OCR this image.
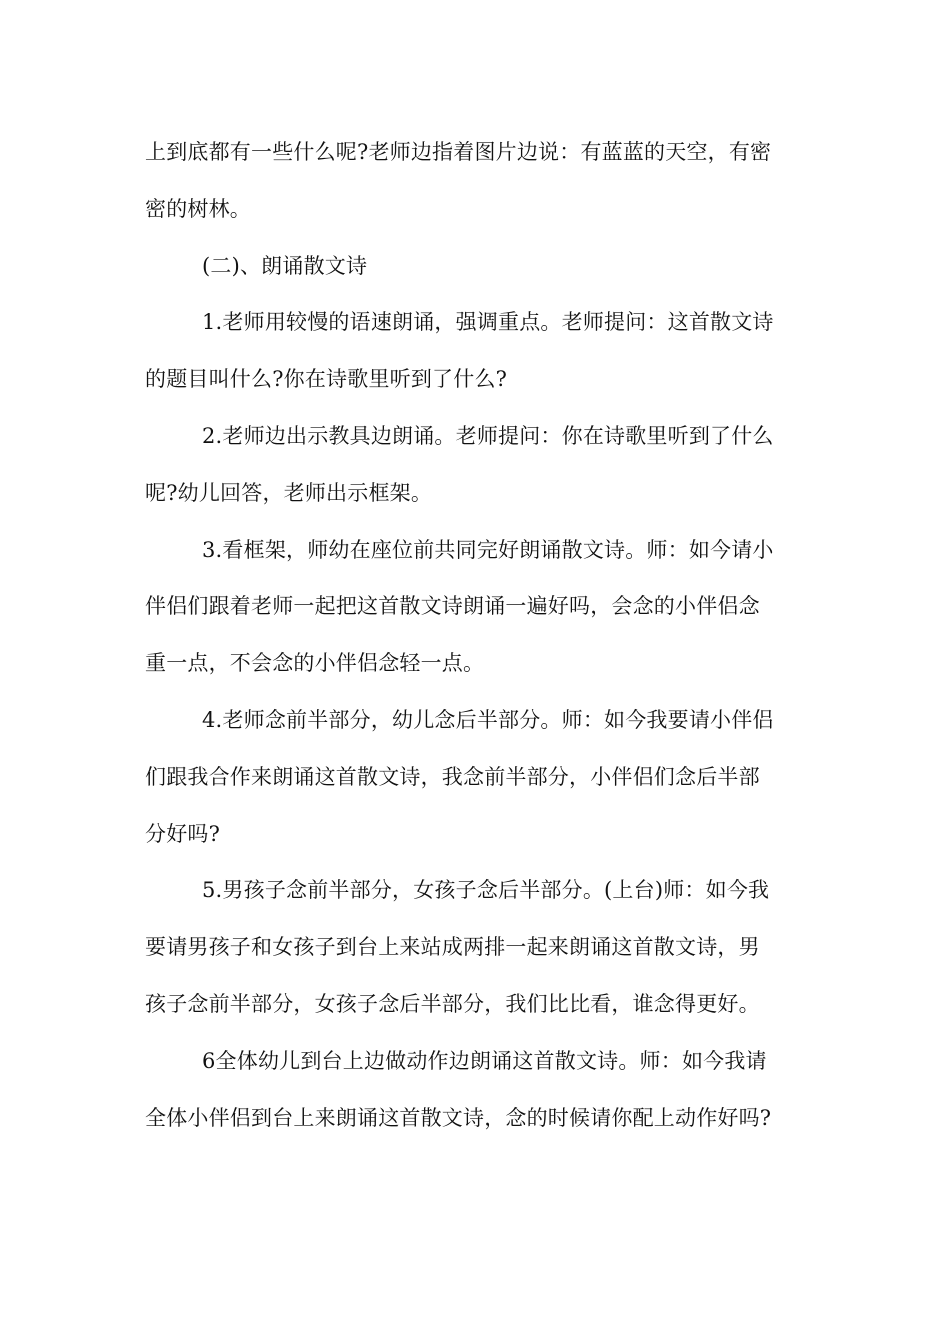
上到底都有一些什么呢?老师边指着图片边说：有蓝蓝的天空，有密
密的树林。

(二)、朗诵散文诗

1.老师用较慢的语速朗诵，强调重点。老师提问：这首散文诗
的题目叫什么?你在诗歌里听到了什么?

2.老师边出示教具边朗诵。老师提问：你在诗歌里听到了什么
呢?幼儿回答，老师出示框架。

3.看框架，师幼在座位前共同完好朗诵散文诗。师：如今请小
伴侣们跟着老师一起把这首散文诗朗诵一遍好吗，会念的小伴侣念
重一点，不会念的小伴侣念轻一点。

4.老师念前半部分，幼儿念后半部分。师：如今我要请小伴侣
们跟我合作来朗诵这首散文诗，我念前半部分，小伴侣们念后半部
分好吗?

5.男孩子念前半部分，女孩子念后半部分。(上台)师：如今我
要请男孩子和女孩子到台上来站成两排一起来朗诵这首散文诗，男
孩子念前半部分，女孩子念后半部分，我们比比看，谁念得更好。

6全体幼儿到台上边做动作边朗诵这首散文诗。师：如今我请
全体小伴侣到台上来朗诵这首散文诗，念的时候请你配上动作好吗?
